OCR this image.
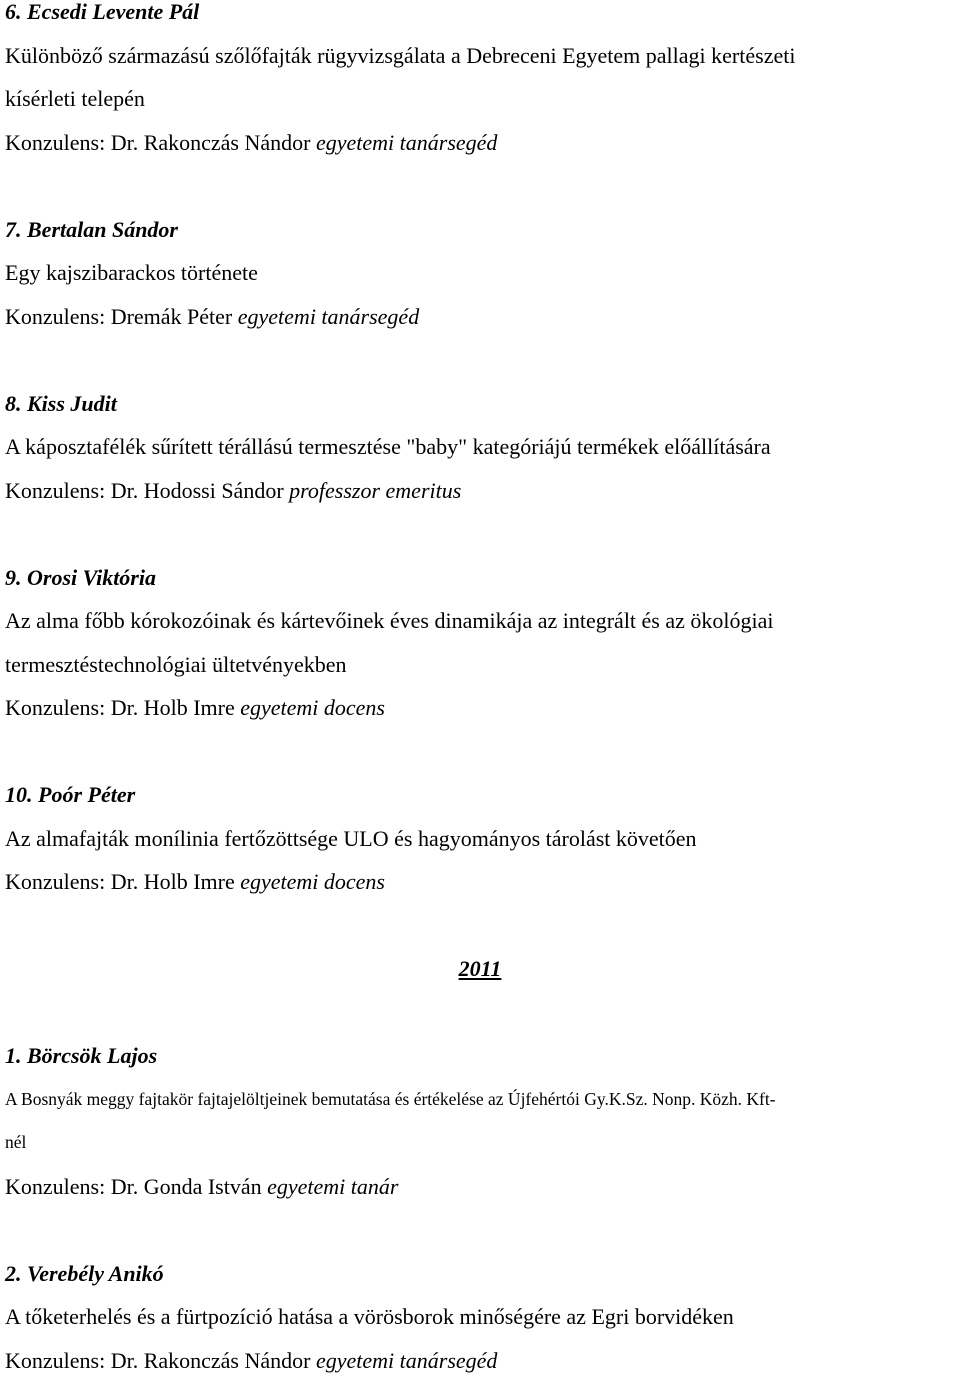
6. Ecsedi Levente Pál
Különböző származású szőlőfajták rügyvizsgálata a Debreceni Egyetem pallagi kertészeti
kísérleti telepén
Konzulens: Dr. Rakonczás Nándor egyetemi tanársegéd
7. Bertalan Sándor
Egy kajszibarackos története
Konzulens: Dremák Péter egyetemi tanársegéd
8. Kiss Judit
A káposztafélék sűrített térállású termesztése "baby" kategóriájú termékek előállítására
Konzulens: Dr. Hodossi Sándor professzor emeritus
9. Orosi Viktória
Az alma főbb kórokozóinak és kártevőinek éves dinamikája az integrált és az ökológiai
termesztéstechnológiai ültetvényekben
Konzulens: Dr. Holb Imre egyetemi docens
10. Poór Péter
Az almafajták monílinia fertőzöttsége ULO és hagyományos tárolást követően
Konzulens: Dr. Holb Imre egyetemi docens
2011
1. Börcsök Lajos
A Bosnyák meggy fajtakör fajtajelöltjeinek bemutatása és értékelése az Újfehértói Gy.K.Sz. Nonp. Közh. Kft-
nél
Konzulens: Dr. Gonda István egyetemi tanár
2. Verebély Anikó
A tőketerhelés és a fürtpozíció hatása a vörösborok minőségére az Egri borvidéken
Konzulens: Dr. Rakonczás Nándor egyetemi tanársegéd
